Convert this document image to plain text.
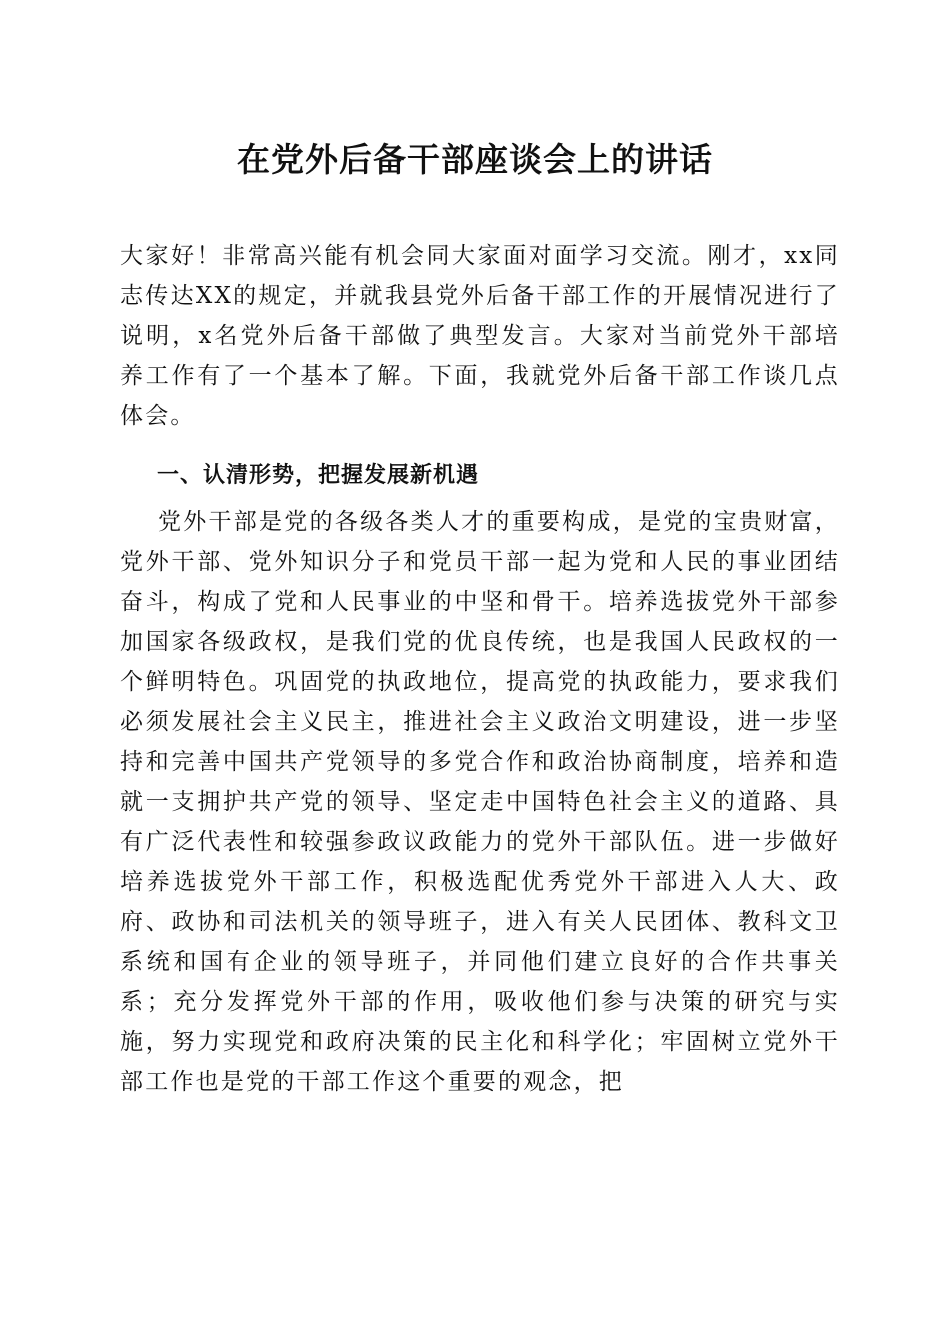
在党外后备干部座谈会上的讲话

大家好！非常高兴能有机会同大家面对面学习交流。刚才，xx同志传达XX的规定，并就我县党外后备干部工作的开展情况进行了说明，x名党外后备干部做了典型发言。大家对当前党外干部培养工作有了一个基本了解。下面，我就党外后备干部工作谈几点体会。

一、认清形势，把握发展新机遇

党外干部是党的各级各类人才的重要构成，是党的宝贵财富，党外干部、党外知识分子和党员干部一起为党和人民的事业团结奋斗，构成了党和人民事业的中坚和骨干。培养选拔党外干部参加国家各级政权，是我们党的优良传统，也是我国人民政权的一个鲜明特色。巩固党的执政地位，提高党的执政能力，要求我们必须发展社会主义民主，推进社会主义政治文明建设，进一步坚持和完善中国共产党领导的多党合作和政治协商制度，培养和造就一支拥护共产党的领导、坚定走中国特色社会主义的道路、具有广泛代表性和较强参政议政能力的党外干部队伍。进一步做好培养选拔党外干部工作，积极选配优秀党外干部进入人大、政府、政协和司法机关的领导班子，进入有关人民团体、教科文卫系统和国有企业的领导班子，并同他们建立良好的合作共事关系；充分发挥党外干部的作用，吸收他们参与决策的研究与实施，努力实现党和政府决策的民主化和科学化；牢固树立党外干部工作也是党的干部工作这个重要的观念，把
